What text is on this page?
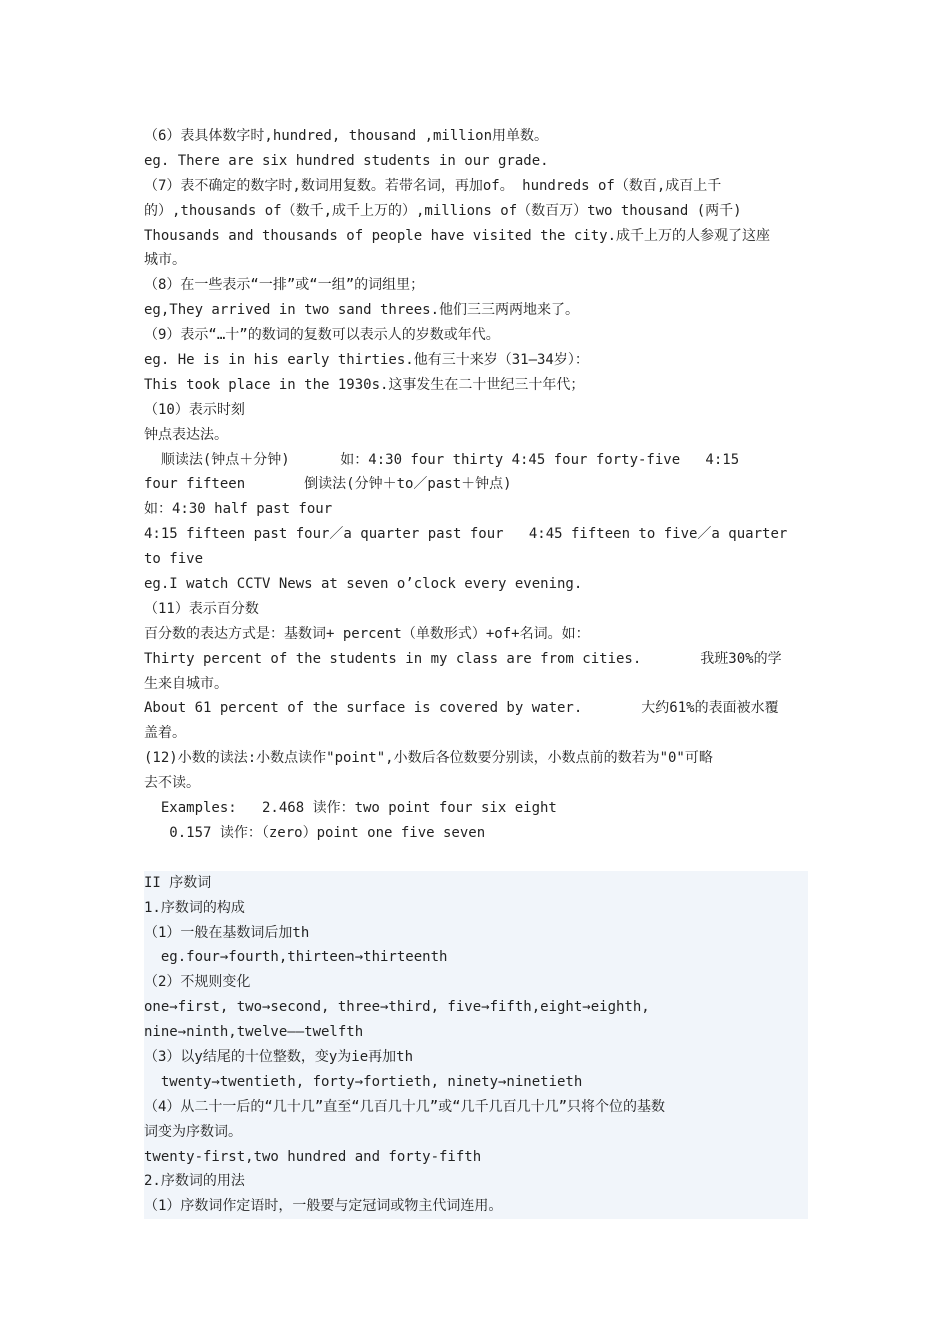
（6）表具体数字时,hundred, thousand ,million用单数。
eg. There are six hundred students in our grade.
（7）表不确定的数字时,数词用复数。若带名词，再加of。 hundreds of（数百,成百上千
的）,thousands of（数千,成千上万的）,millions of（数百万）two thousand (两千)
Thousands and thousands of people have visited the city.成千上万的人参观了这座
城市。
（8）在一些表示“一排”或“一组”的词组里；
eg,They arrived in two sand threes.他们三三两两地来了。
（9）表示“…十”的数词的复数可以表示人的岁数或年代。
eg. He is in his early thirties.他有三十来岁（31—34岁）：
This took place in the 1930s.这事发生在二十世纪三十年代；
（10）表示时刻
钟点表达法。
顺读法(钟点＋分钟)      如：4:30 four thirty 4:45 four forty-five   4:15
four fifteen       倒读法(分钟＋to／past＋钟点)
如：4:30 half past four
4:15 fifteen past four／a quarter past four   4:45 fifteen to five／a quarter
to five
eg.I watch CCTV News at seven o’clock every evening.
（11）表示百分数
百分数的表达方式是：基数词+ percent（单数形式）+of+名词。如：
Thirty percent of the students in my class are from cities.       我班30%的学
生来自城市。
About 61 percent of the surface is covered by water.       大约61%的表面被水覆
盖着。
(12)小数的读法:小数点读作"point",小数后各位数要分别读，小数点前的数若为"0"可略
去不读。
Examples:   2.468 读作：two point four six eight
0.157 读作：（zero）point one five seven
II 序数词
1.序数词的构成
（1）一般在基数词后加th
eg.four→fourth,thirteen→thirteenth
（2）不规则变化
one→first, two→second, three→third, five→fifth,eight→eighth,
nine→ninth,twelve——twelfth
（3）以y结尾的十位整数，变y为ie再加th
twenty→twentieth, forty→fortieth, ninety→ninetieth
（4）从二十一后的“几十几”直至“几百几十几”或“几千几百几十几”只将个位的基数
词变为序数词。
twenty-first,two hundred and forty-fifth
2.序数词的用法
（1）序数词作定语时，一般要与定冠词或物主代词连用。
